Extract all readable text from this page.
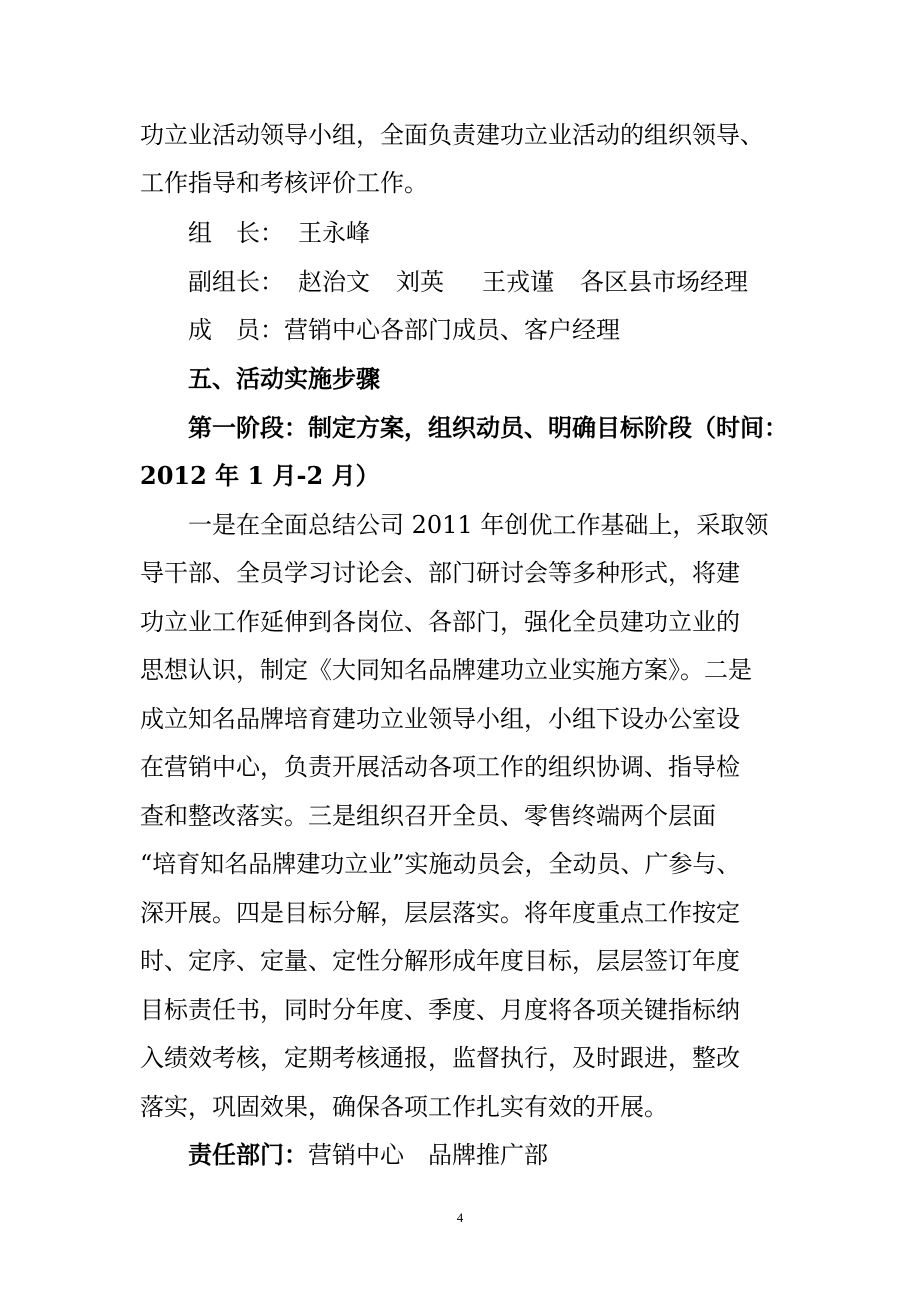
功立业活动领导小组，全面负责建功立业活动的组织领导、
工作指导和考核评价工作。
组　长： 王永峰
副组长： 赵治文 刘英 王戎谨 各区县市场经理
成　员：营销中心各部门成员、客户经理
五、活动实施步骤
第一阶段：制定方案，组织动员、明确目标阶段（时间：
2012 年 1 月-2 月）
一是在全面总结公司 2011 年创优工作基础上，采取领
导干部、全员学习讨论会、部门研讨会等多种形式，将建
功立业工作延伸到各岗位、各部门，强化全员建功立业的
思想认识，制定《大同知名品牌建功立业实施方案》。二是
成立知名品牌培育建功立业领导小组，小组下设办公室设
在营销中心，负责开展活动各项工作的组织协调、指导检
查和整改落实。三是组织召开全员、零售终端两个层面
“培育知名品牌建功立业”实施动员会，全动员、广参与、
深开展。四是目标分解，层层落实。将年度重点工作按定
时、定序、定量、定性分解形成年度目标，层层签订年度
目标责任书，同时分年度、季度、月度将各项关键指标纳
入绩效考核，定期考核通报，监督执行，及时跟进，整改
落实，巩固效果，确保各项工作扎实有效的开展。
责任部门：营销中心　品牌推广部
4
